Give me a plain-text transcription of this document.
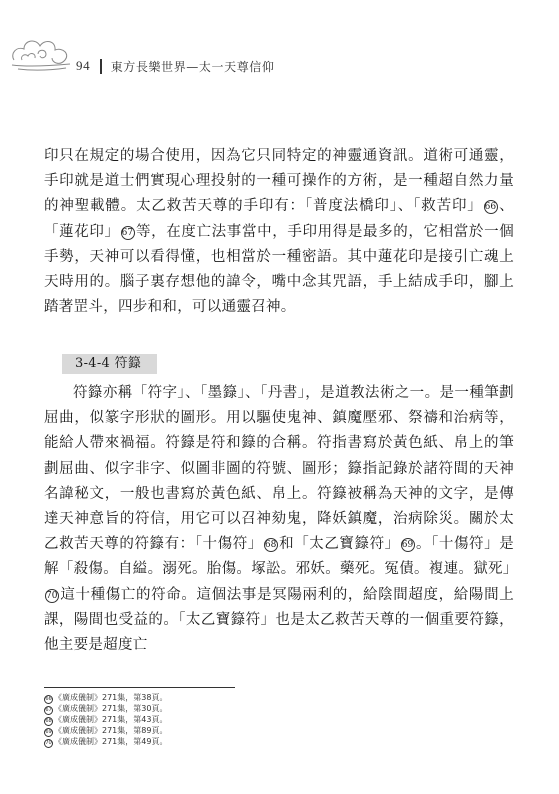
94 東方長樂世界—太一天尊信仰

印只在規定的場合使用，因為它只同特定的神靈通資訊。道術可通靈，手印就是道士們實現心理投射的一種可操作的方術，是一種超自然力量的神聖載體。太乙救苦天尊的手印有：「普度法橋印」、「救苦印」 66 、「蓮花印」 67 等，在度亡法事當中，手印用得是最多的，它相當於一個手勢，天神可以看得懂，也相當於一種密語。其中蓮花印是接引亡魂上天時用的。腦子裏存想他的諱令，嘴中念其咒語，手上結成手印，腳上踏著罡斗，四步和和，可以通靈召神。

3-4-4 符籙

符籙亦稱「符字」、「墨籙」、「丹書」，是道教法術之一。是一種筆劃屈曲，似篆字形狀的圖形。用以驅使鬼神、鎮魔壓邪、祭禱和治病等，能給人帶來禍福。符籙是符和籙的合稱。符指書寫於黃色紙、帛上的筆劃屈曲、似字非字、似圖非圖的符號、圖形；籙指記錄於諸符間的天神名諱秘文，一般也書寫於黃色紙、帛上。符籙被稱為天神的文字，是傳達天神意旨的符信，用它可以召神劾鬼，降妖鎮魔，治病除災。關於太乙救苦天尊的符籙有：「十傷符」 68 和「太乙寶籙符」 69 。「十傷符」是解「殺傷。自縊。溺死。胎傷。塚訟。邪妖。藥死。冤債。複連。獄死」70 這十種傷亡的符命。這個法事是冥陽兩利的，給陰間超度，給陽間上課，陽間也受益的。「太乙寶籙符」也是太乙救苦天尊的一個重要符籙，他主要是超度亡

66 《廣成儀制》271集，第38頁。
67 《廣成儀制》271集，第30頁。
68 《廣成儀制》271集，第43頁。
69 《廣成儀制》271集，第89頁。
70 《廣成儀制》271集，第49頁。
